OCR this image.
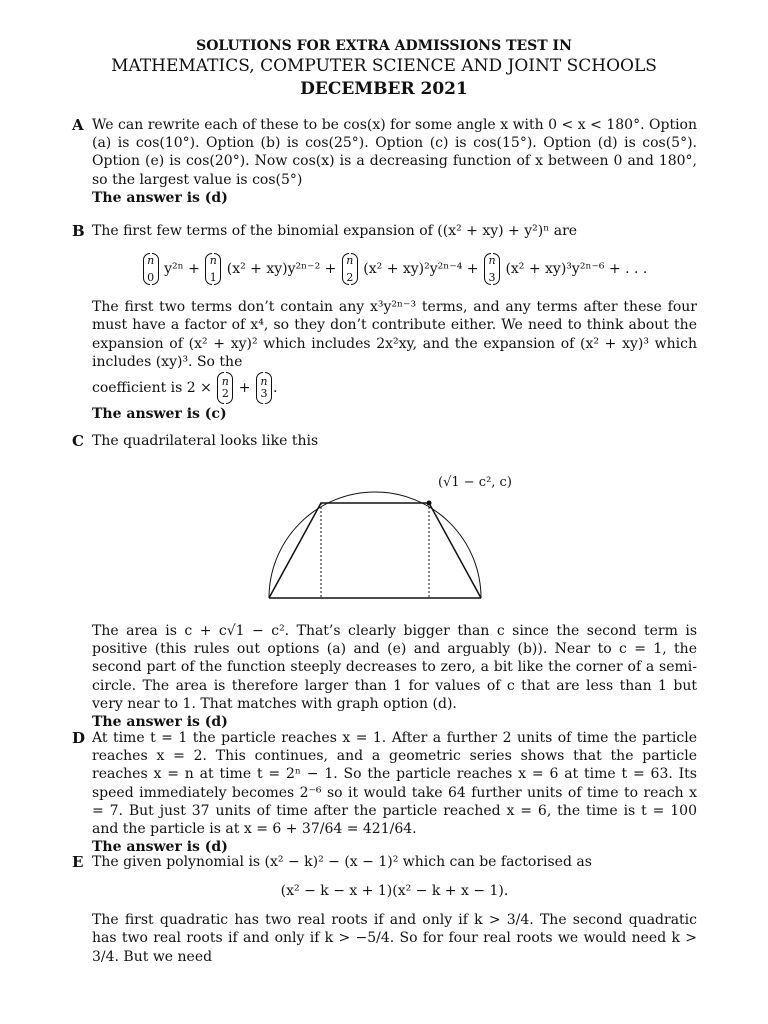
SOLUTIONS FOR EXTRA ADMISSIONS TEST IN
MATHEMATICS, COMPUTER SCIENCE AND JOINT SCHOOLS
DECEMBER 2021
A We can rewrite each of these to be cos(x) for some angle x with 0 < x < 180°. Option (a) is cos(10°). Option (b) is cos(25°). Option (c) is cos(15°). Option (d) is cos(5°). Option (e) is cos(20°). Now cos(x) is a decreasing function of x between 0 and 180°, so the largest value is cos(5°)
The answer is (d)
B The first few terms of the binomial expansion of ((x² + xy) + y²)ⁿ are
n
0
y²ⁿ +
n
1
(x² + xy)y²ⁿ⁻² +
n
2
(x² + xy)²y²ⁿ⁻⁴ +
n
3
(x² + xy)³y²ⁿ⁻⁶ + . . .
The first two terms don’t contain any x³y²ⁿ⁻³ terms, and any terms after these four must have a factor of x⁴, so they don’t contribute either. We need to think about the expansion of (x² + xy)² which includes 2x²xy, and the expansion of (x² + xy)³ which includes (xy)³. So the
coefficient is 2 × n
2 + n
3 .
The answer is (c)
C The quadrilateral looks like this
(√1 − c², c)
The area is c + c√1 − c². That’s clearly bigger than c since the second term is positive (this rules out options (a) and (e) and arguably (b)). Near to c = 1, the second part of the function steeply decreases to zero, a bit like the corner of a semi-circle. The area is therefore larger than 1 for values of c that are less than 1 but very near to 1. That matches with graph option (d).
The answer is (d)
D At time t = 1 the particle reaches x = 1. After a further 2 units of time the particle reaches x = 2. This continues, and a geometric series shows that the particle reaches x = n at time t = 2ⁿ − 1. So the particle reaches x = 6 at time t = 63. Its speed immediately becomes 2⁻⁶ so it would take 64 further units of time to reach x = 7. But just 37 units of time after the particle reached x = 6, the time is t = 100 and the particle is at x = 6 + 37/64 = 421/64.
The answer is (d)
E The given polynomial is (x² − k)² − (x − 1)² which can be factorised as
(x² − k − x + 1)(x² − k + x − 1).
The first quadratic has two real roots if and only if k > 3/4. The second quadratic has two real roots if and only if k > −5/4. So for four real roots we would need k > 3/4. But we need
